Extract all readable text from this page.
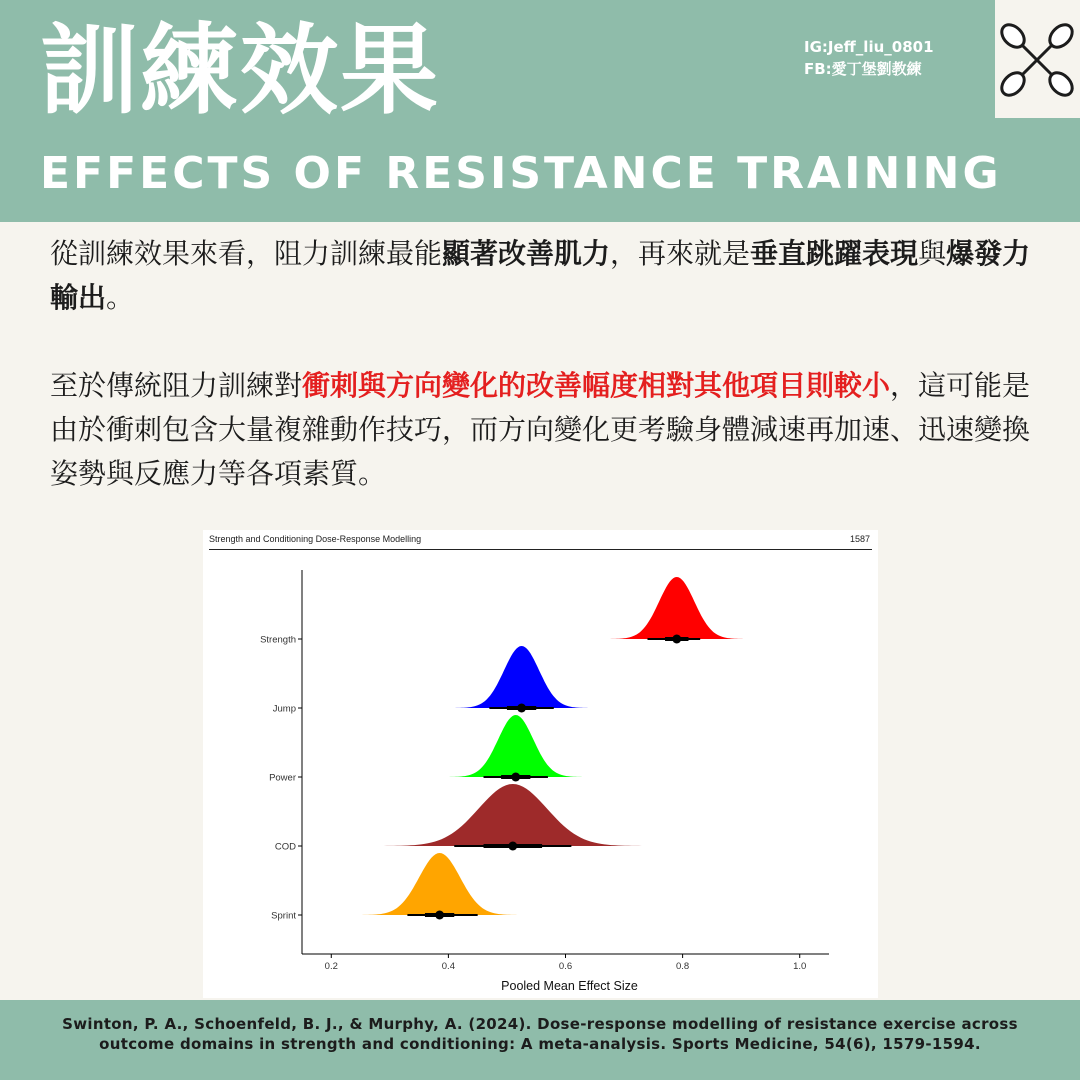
訓練效果
EFFECTS OF RESISTANCE TRAINING
IG:Jeff_liu_0801
FB:愛丁堡劉教練
從訓練效果來看，阻力訓練最能顯著改善肌力，再來就是垂直跳躍表現與爆發力輸出。
至於傳統阻力訓練對衝刺與方向變化的改善幅度相對其他項目則較小，這可能是由於衝刺包含大量複雜動作技巧，而方向變化更考驗身體減速再加速、迅速變換姿勢與反應力等各項素質。
Strength and Conditioning Dose-Response Modelling	1587
Strength
Jump
Power
COD
Sprint
0.2	0.4	0.6	0.8	1.0
Pooled Mean Effect Size
Swinton, P. A., Schoenfeld, B. J., & Murphy, A. (2024). Dose-response modelling of resistance exercise across
outcome domains in strength and conditioning: A meta-analysis. Sports Medicine, 54(6), 1579-1594.
